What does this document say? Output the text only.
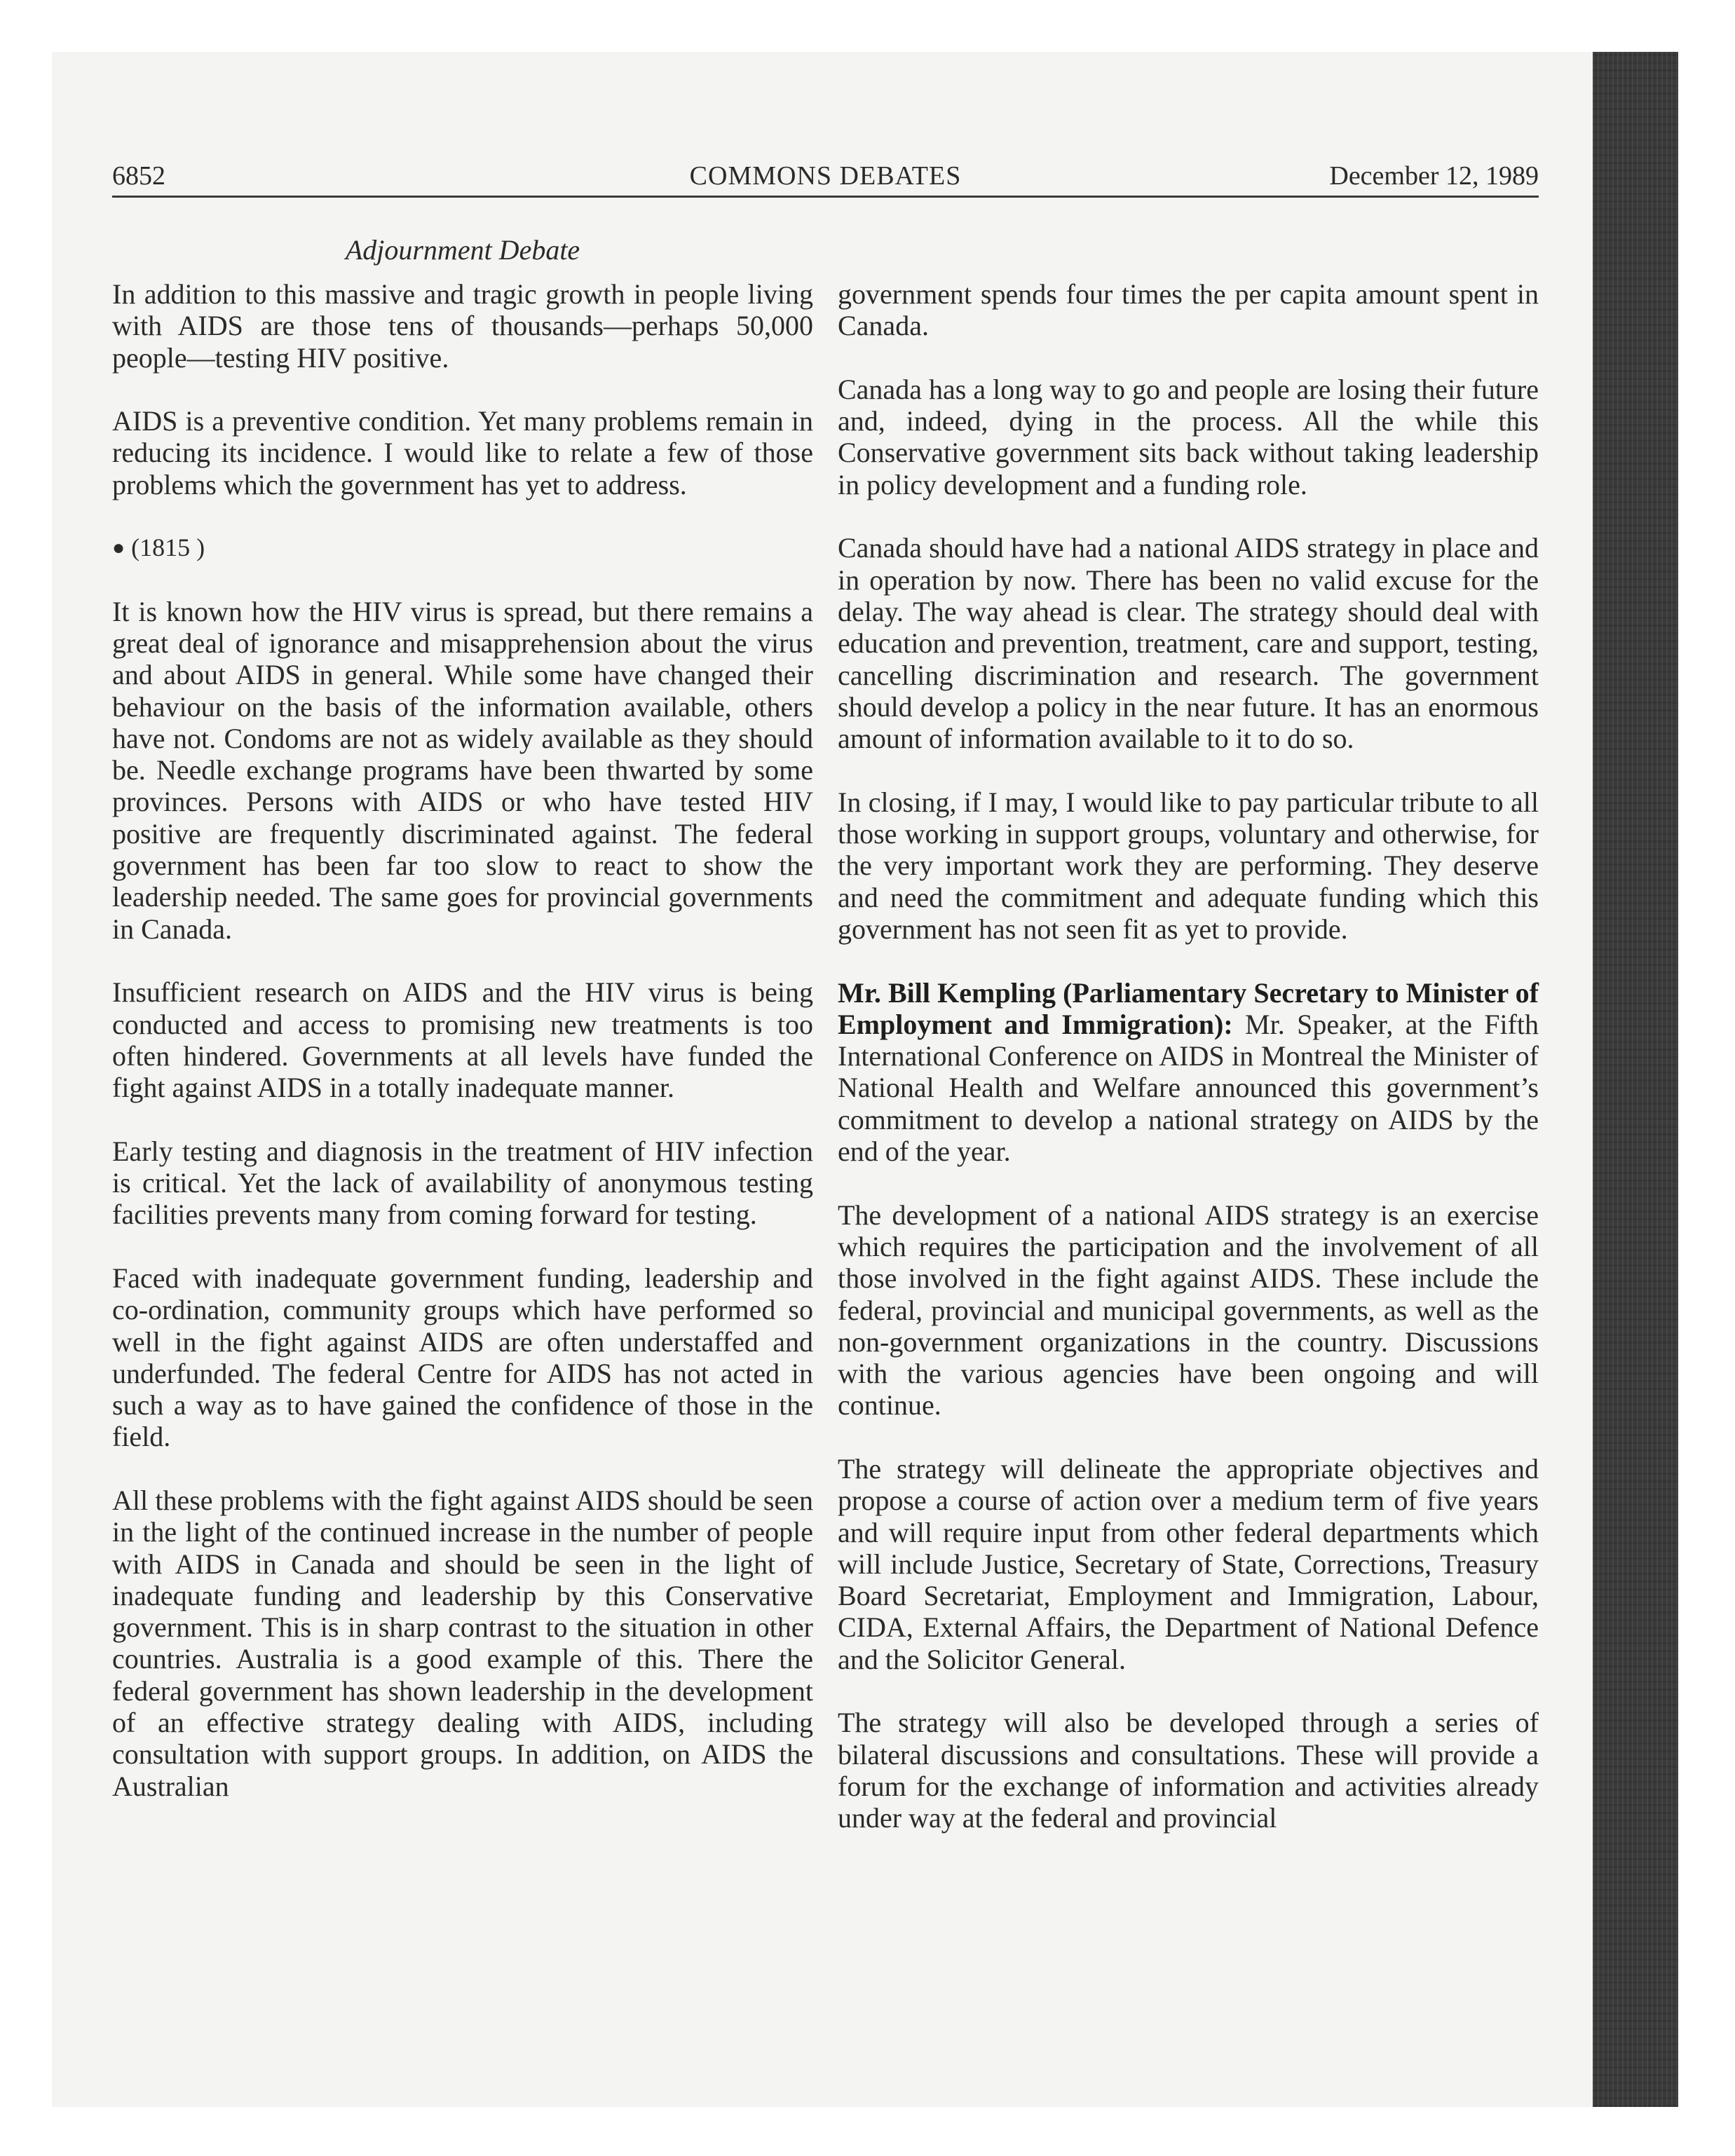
6852	COMMONS DEBATES	December 12, 1989
Adjournment Debate

In addition to this massive and tragic growth in people living with AIDS are those tens of thousands—perhaps 50,000 people—testing HIV positive.

AIDS is a preventive condition. Yet many problems remain in reducing its incidence. I would like to relate a few of those problems which the government has yet to address.

● (1815 )

It is known how the HIV virus is spread, but there remains a great deal of ignorance and misapprehension about the virus and about AIDS in general. While some have changed their behaviour on the basis of the information available, others have not. Condoms are not as widely available as they should be. Needle exchange programs have been thwarted by some provinces. Persons with AIDS or who have tested HIV positive are frequently discriminated against. The federal government has been far too slow to react to show the leadership needed. The same goes for provincial governments in Canada.

Insufficient research on AIDS and the HIV virus is being conducted and access to promising new treatments is too often hindered. Governments at all levels have funded the fight against AIDS in a totally inadequate manner.

Early testing and diagnosis in the treatment of HIV infection is critical. Yet the lack of availability of anonymous testing facilities prevents many from coming forward for testing.

Faced with inadequate government funding, leadership and co-ordination, community groups which have performed so well in the fight against AIDS are often understaffed and underfunded. The federal Centre for AIDS has not acted in such a way as to have gained the confidence of those in the field.

All these problems with the fight against AIDS should be seen in the light of the continued increase in the number of people with AIDS in Canada and should be seen in the light of inadequate funding and leadership by this Conservative government. This is in sharp contrast to the situation in other countries. Australia is a good example of this. There the federal government has shown leadership in the development of an effective strategy dealing with AIDS, including consultation with support groups. In addition, on AIDS the Australian

government spends four times the per capita amount spent in Canada.

Canada has a long way to go and people are losing their future and, indeed, dying in the process. All the while this Conservative government sits back without taking leadership in policy development and a funding role.

Canada should have had a national AIDS strategy in place and in operation by now. There has been no valid excuse for the delay. The way ahead is clear. The strategy should deal with education and prevention, treatment, care and support, testing, cancelling discrimination and research. The government should develop a policy in the near future. It has an enormous amount of information available to it to do so.

In closing, if I may, I would like to pay particular tribute to all those working in support groups, voluntary and otherwise, for the very important work they are performing. They deserve and need the commitment and adequate funding which this government has not seen fit as yet to provide.

Mr. Bill Kempling (Parliamentary Secretary to Minister of Employment and Immigration): Mr. Speaker, at the Fifth International Conference on AIDS in Montreal the Minister of National Health and Welfare announced this government’s commitment to develop a national strategy on AIDS by the end of the year.

The development of a national AIDS strategy is an exercise which requires the participation and the involvement of all those involved in the fight against AIDS. These include the federal, provincial and municipal governments, as well as the non-government organizations in the country. Discussions with the various agencies have been ongoing and will continue.

The strategy will delineate the appropriate objectives and propose a course of action over a medium term of five years and will require input from other federal departments which will include Justice, Secretary of State, Corrections, Treasury Board Secretariat, Employment and Immigration, Labour, CIDA, External Affairs, the Department of National Defence and the Solicitor General.

The strategy will also be developed through a series of bilateral discussions and consultations. These will provide a forum for the exchange of information and activities already under way at the federal and provincial
